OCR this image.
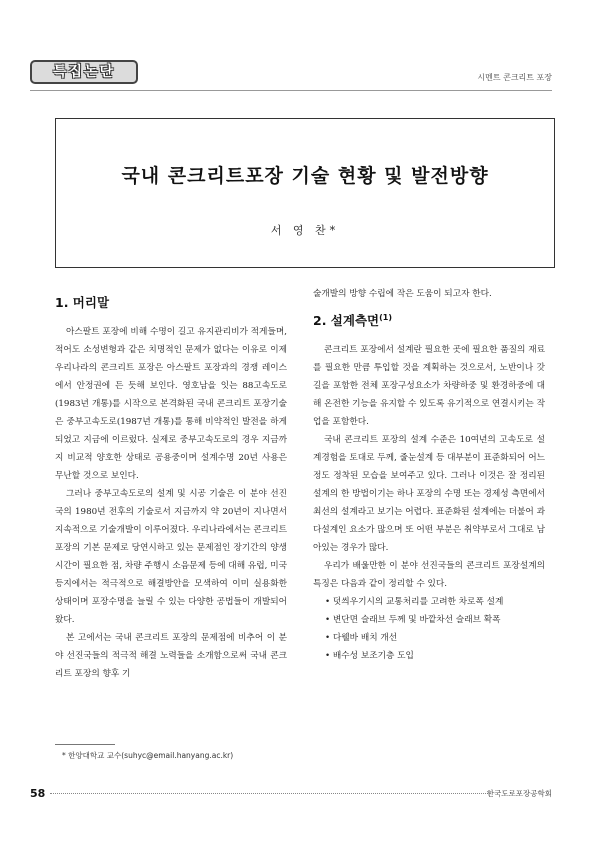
특집논단	시멘트 콘크리트 포장
국내 콘크리트포장 기술 현황 및 발전방향
서 영 찬*
1. 머리말

아스팔트 포장에 비해 수명이 길고 유지관리비가 적게들며, 적어도 소성변형과 같은 치명적인 문제가 없다는 이유로 이제 우리나라의 콘크리트 포장은 아스팔트 포장과의 경쟁 레이스에서 안정권에 든 듯해 보인다. 영호남을 잇는 88고속도로(1983년 개통)를 시작으로 본격화된 국내 콘크리트 포장기술은 중부고속도로(1987년 개통)를 통해 비약적인 발전을 하게되었고 지금에 이르렀다. 실제로 중부고속도로의 경우 지금까지 비교적 양호한 상태로 공용중이며 설계수명 20년 사용은 무난할 것으로 보인다.

그러나 중부고속도로의 설계 및 시공 기술은 이 분야 선진국의 1980년 전후의 기술로서 지금까지 약 20년이 지나면서 지속적으로 기술개발이 이루어졌다. 우리나라에서는 콘크리트 포장의 기본 문제로 당연시하고 있는 문제점인 장기간의 양생시간이 필요한 점, 차량 주행시 소음문제 등에 대해 유럽, 미국 등지에서는 적극적으로 해결방안을 모색하여 이미 실용화한 상태이며 포장수명을 늘릴 수 있는 다양한 공법들이 개발되어왔다.

본 고에서는 국내 콘크리트 포장의 문제점에 비추어 이 분야 선진국들의 적극적 해결 노력들을 소개함으로써 국내 콘크리트 포장의 향후 기

술개발의 방향 수립에 작은 도움이 되고자 한다.

2. 설계측면$^{(1)}$

콘크리트 포장에서 설계란 필요한 곳에 필요한 품질의 재료를 필요한 만큼 투입할 것을 계획하는 것으로서, 노반이나 갓길을 포함한 전체 포장구성요소가 차량하중 및 환경하중에 대해 온전한 기능을 유지할 수 있도록 유기적으로 연결시키는 작업을 포함한다.

국내 콘크리트 포장의 설계 수준은 10여년의 고속도로 설계경험을 토대로 두께, 줄눈설계 등 대부분이 표준화되어 어느 정도 정착된 모습을 보여주고 있다. 그러나 이것은 잘 정리된 설계의 한 방법이기는 하나 포장의 수명 또는 경제성 측면에서 최선의 설계라고 보기는 어렵다. 표준화된 설계에는 더불어 과다설계인 요소가 많으며 또 어떤 부분은 취약부로서 그대로 남아있는 경우가 많다.

우리가 배울만한 이 분야 선진국들의 콘크리트 포장설계의 특징은 다음과 같이 정리할 수 있다.

• 덧씌우기시의 교통처리를 고려한 차로폭 설계
• 변단면 슬래브 두께 및 바깥차선 슬래브 확폭
• 다웰바 배치 개선
• 배수성 보조기층 도입
* 한양대학교 교수(suhyc@email.hanyang.ac.kr)
58	한국도로포장공학회
